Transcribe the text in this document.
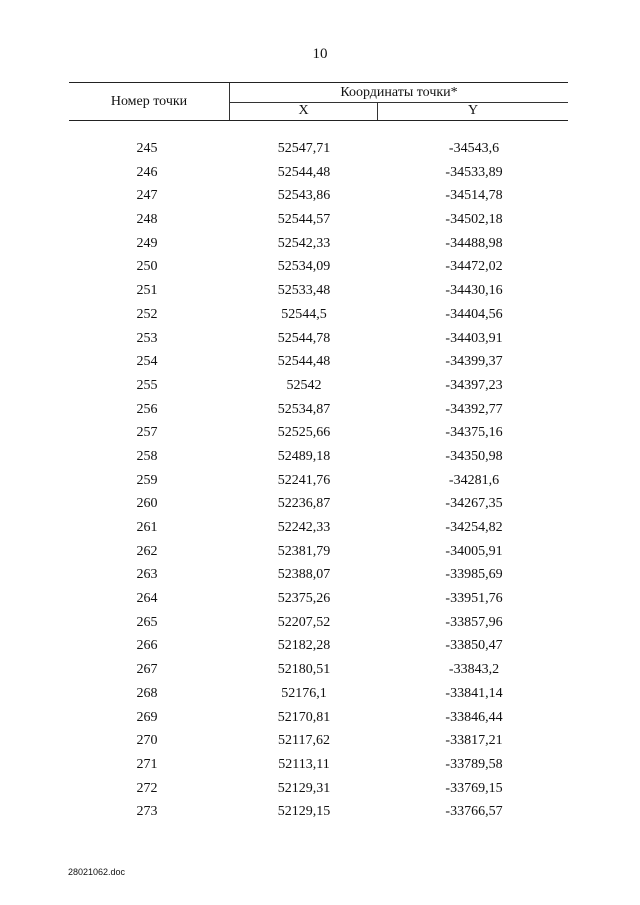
10
Номер точки
Координаты точки*
X	Y
245	52547,71	-34543,6
246	52544,48	-34533,89
247	52543,86	-34514,78
248	52544,57	-34502,18
249	52542,33	-34488,98
250	52534,09	-34472,02
251	52533,48	-34430,16
252	52544,5	-34404,56
253	52544,78	-34403,91
254	52544,48	-34399,37
255	52542	-34397,23
256	52534,87	-34392,77
257	52525,66	-34375,16
258	52489,18	-34350,98
259	52241,76	-34281,6
260	52236,87	-34267,35
261	52242,33	-34254,82
262	52381,79	-34005,91
263	52388,07	-33985,69
264	52375,26	-33951,76
265	52207,52	-33857,96
266	52182,28	-33850,47
267	52180,51	-33843,2
268	52176,1	-33841,14
269	52170,81	-33846,44
270	52117,62	-33817,21
271	52113,11	-33789,58
272	52129,31	-33769,15
273	52129,15	-33766,57
28021062.doc
